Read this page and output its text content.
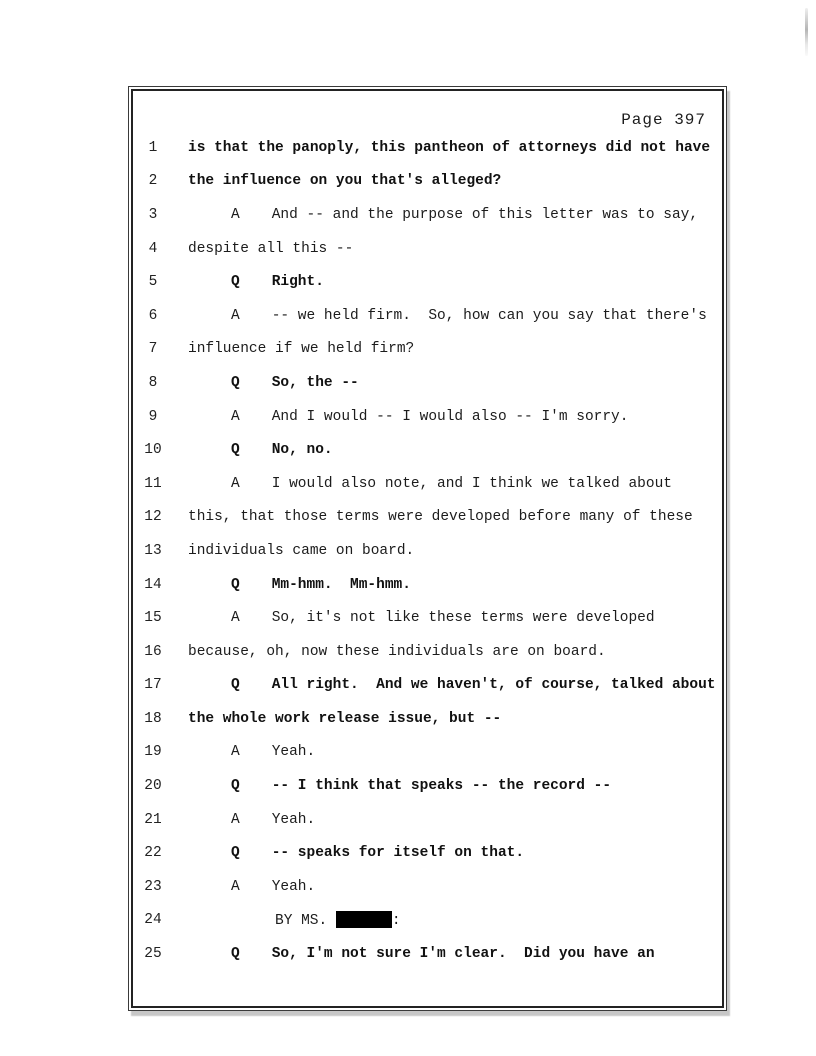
Page 397
1	is that the panoply, this pantheon of attorneys did not have
2	the influence on you that's alleged?
3	A And -- and the purpose of this letter was to say,
4	despite all this --
5	Q Right.
6	A -- we held firm.  So, how can you say that there's
7	influence if we held firm?
8	Q So, the --
9	A And I would -- I would also -- I'm sorry.
10	Q No, no.
11	A I would also note, and I think we talked about
12	this, that those terms were developed before many of these
13	individuals came on board.
14	Q Mm-hmm.  Mm-hmm.
15	A So, it's not like these terms were developed
16	because, oh, now these individuals are on board.
17	Q All right.  And we haven't, of course, talked about
18	the whole work release issue, but --
19	A Yeah.
20	Q -- I think that speaks -- the record --
21	A Yeah.
22	Q -- speaks for itself on that.
23	A Yeah.
24	BY MS.	:
25	Q So, I'm not sure I'm clear.  Did you have an
